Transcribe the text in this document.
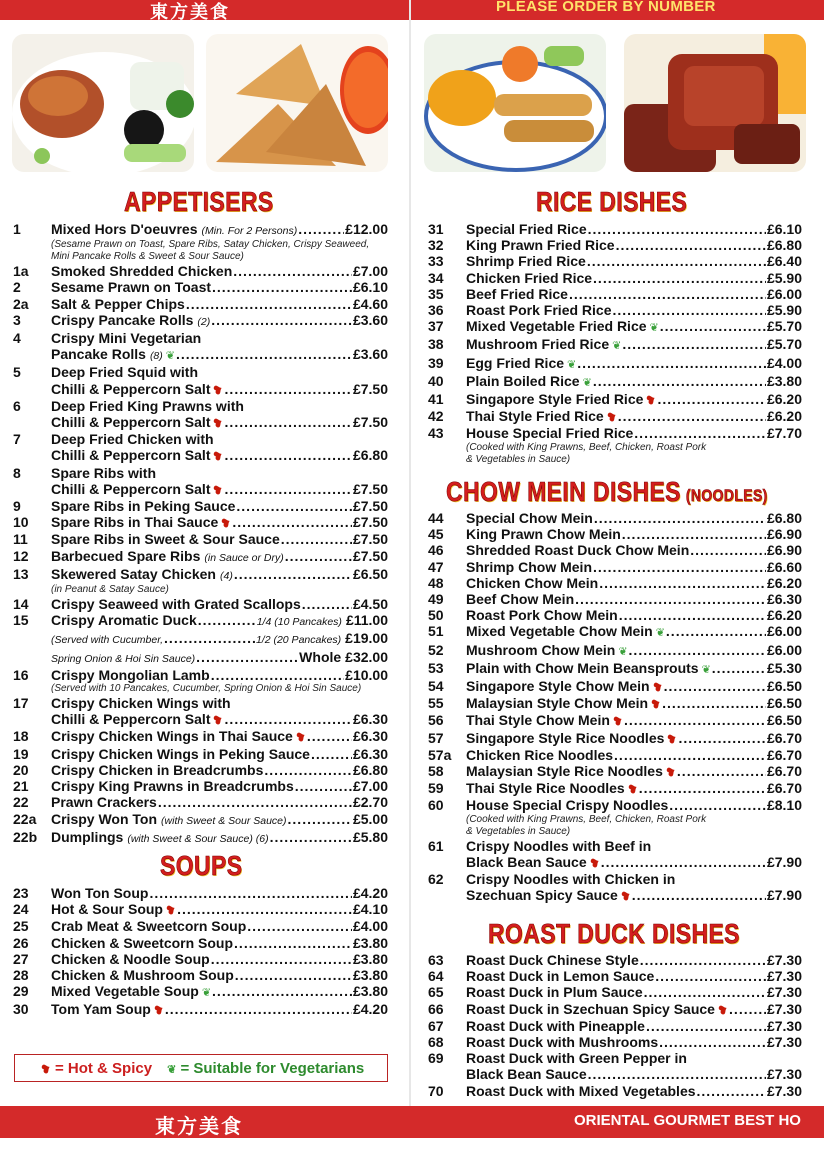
東方美食	PLEASE ORDER BY NUMBER
APPETISERS
SOUPS
RICE DISHES
CHOW MEIN DISHES (NOODLES)
ROAST DUCK DISHES
1	Mixed Hors D'oeuvres (Min. For 2 Persons) .....	£12.00
(Sesame Prawn on Toast, Spare Ribs, Satay Chicken, Crispy Seaweed,
Mini Pancake Rolls & Sweet & Sour Sauce)
1a	Smoked Shredded Chicken .....	£7.00
2	Sesame Prawn on Toast .....	£6.10
2a	Salt & Pepper Chips .....	£4.60
3	Crispy Pancake Rolls (2) .....	£3.60
4	Crispy Mini Vegetarian
Pancake Rolls (8) ❦ .....	£3.60
5	Deep Fried Squid with
Chilli & Peppercorn Salt ❥ .....	£7.50
6	Deep Fried King Prawns with
Chilli & Peppercorn Salt ❥ .....	£7.50
7	Deep Fried Chicken with
Chilli & Peppercorn Salt ❥ .....	£6.80
8	Spare Ribs with
Chilli & Peppercorn Salt ❥ .....	£7.50
9	Spare Ribs in Peking Sauce .....	£7.50
10	Spare Ribs in Thai Sauce ❥ .....	£7.50
11	Spare Ribs in Sweet & Sour Sauce .....	£7.50
12	Barbecued Spare Ribs (in Sauce or Dry) .....	£7.50
13	Skewered Satay Chicken (4) .....	£6.50
(in Peanut & Satay Sauce)
14	Crispy Seaweed with Grated Scallops .....	£4.50
15	Crispy Aromatic Duck .....	1/4 (10 Pancakes) £11.00
(Served with Cucumber, .....	1/2 (20 Pancakes) £19.00
Spring Onion & Hoi Sin Sauce) .....	Whole £32.00
16	Crispy Mongolian Lamb .....	£10.00
(Served with 10 Pancakes, Cucumber, Spring Onion & Hoi Sin Sauce)
17	Crispy Chicken Wings with
Chilli & Peppercorn Salt ❥ .....	£6.30
18	Crispy Chicken Wings in Thai Sauce ❥ .....	£6.30
19	Crispy Chicken Wings in Peking Sauce .....	£6.30
20	Crispy Chicken in Breadcrumbs .....	£6.80
21	Crispy King Prawns in Breadcrumbs .....	£7.00
22	Prawn Crackers .....	£2.70
22a	Crispy Won Ton (with Sweet & Sour Sauce) .....	£5.00
22b Dumplings (with Sweet & Sour Sauce) (6) .....	£5.80
23	Won Ton Soup .....	£4.20
24	Hot & Sour Soup ❥ .....	£4.10
25	Crab Meat & Sweetcorn Soup .....	£4.00
26	Chicken & Sweetcorn Soup .....	£3.80
27	Chicken & Noodle Soup .....	£3.80
28	Chicken & Mushroom Soup .....	£3.80
29	Mixed Vegetable Soup ❦ .....	£3.80
30	Tom Yam Soup ❥ .....	£4.20
31	Special Fried Rice .....	£6.10
32	King Prawn Fried Rice .....	£6.80
33	Shrimp Fried Rice .....	£6.40
34	Chicken Fried Rice .....	£5.90
35	Beef Fried Rice .....	£6.00
36	Roast Pork Fried Rice .....	£5.90
37	Mixed Vegetable Fried Rice ❦ .....	£5.70
38	Mushroom Fried Rice ❦ .....	£5.70
39	Egg Fried Rice ❦ .....	£4.00
40	Plain Boiled Rice ❦ .....	£3.80
41	Singapore Style Fried Rice ❥ .....	£6.20
42	Thai Style Fried Rice ❥ .....	£6.20
43	House Special Fried Rice .....	£7.70
(Cooked with King Prawns, Beef, Chicken, Roast Pork
& Vegetables in Sauce)
44	Special Chow Mein .....	£6.80
45	King Prawn Chow Mein .....	£6.90
46	Shredded Roast Duck Chow Mein .....	£6.90
47	Shrimp Chow Mein .....	£6.60
48	Chicken Chow Mein .....	£6.20
49	Beef Chow Mein .....	£6.30
50	Roast Pork Chow Mein .....	£6.20
51	Mixed Vegetable Chow Mein ❦ .....	£6.00
52	Mushroom Chow Mein ❦ .....	£6.00
53	Plain with Chow Mein Beansprouts ❦ .....	£5.30
54	Singapore Style Chow Mein ❥ .....	£6.50
55	Malaysian Style Chow Mein ❥ .....	£6.50
56	Thai Style Chow Mein ❥ .....	£6.50
57	Singapore Style Rice Noodles ❥ .....	£6.70
57a	Chicken Rice Noodles .....	£6.70
58	Malaysian Style Rice Noodles ❥ .....	£6.70
59	Thai Style Rice Noodles ❥ .....	£6.70
60	House Special Crispy Noodles .....	£8.10
(Cooked with King Prawns, Beef, Chicken, Roast Pork
& Vegetables in Sauce)
61	Crispy Noodles with Beef in
Black Bean Sauce ❥ .....	£7.90
62	Crispy Noodles with Chicken in
Szechuan Spicy Sauce ❥ .....	£7.90
63	Roast Duck Chinese Style .....	£7.30
64	Roast Duck in Lemon Sauce .....	£7.30
65	Roast Duck in Plum Sauce .....	£7.30
66	Roast Duck in Szechuan Spicy Sauce ❥ .....	£7.30
67	Roast Duck with Pineapple .....	£7.30
68	Roast Duck with Mushrooms .....	£7.30
69	Roast Duck with Green Pepper in
Black Bean Sauce .....	£7.30
70	Roast Duck with Mixed Vegetables .....	£7.30
❥ = Hot & Spicy ❦ = Suitable for Vegetarians
東方美食	ORIENTAL GOURMET BEST HO
